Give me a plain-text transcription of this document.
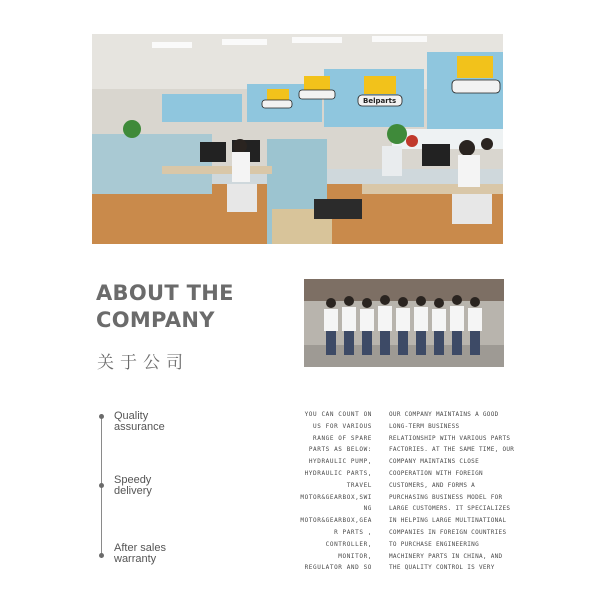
Belparts
ABOUT THE
COMPANY
关于公司
Quality
assurance
Speedy
delivery
After sales
warranty
YOU CAN COUNT ON
US FOR VARIOUS
RANGE OF SPARE
PARTS AS BELOW:
HYDRAULIC PUMP,
HYDRAULIC PARTS,
TRAVEL
MOTOR&GEARBOX,SWI
NG
MOTOR&GEARBOX,GEA
R PARTS ,
CONTROLLER,
MONITOR,
REGULATOR AND SO
OUR COMPANY MAINTAINS A GOOD
LONG-TERM BUSINESS
RELATIONSHIP WITH VARIOUS PARTS
FACTORIES. AT THE SAME TIME, OUR
COMPANY MAINTAINS CLOSE
COOPERATION WITH FOREIGN
CUSTOMERS, AND FORMS A
PURCHASING BUSINESS MODEL FOR
LARGE CUSTOMERS. IT SPECIALIZES
IN HELPING LARGE MULTINATIONAL
COMPANIES IN FOREIGN COUNTRIES
TO PURCHASE ENGINEERING
MACHINERY PARTS IN CHINA, AND
THE QUALITY CONTROL IS VERY
